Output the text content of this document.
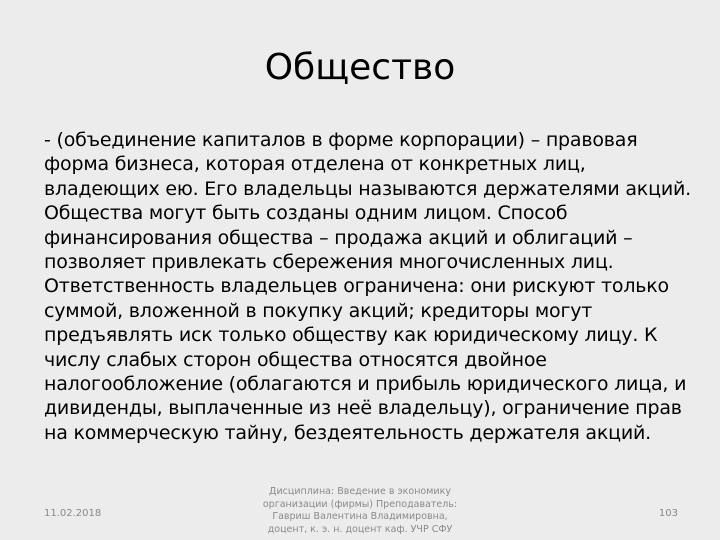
Общество
- (объединение капиталов в форме корпорации) – правовая форма бизнеса, которая отделена от конкретных лиц, владеющих ею. Его владельцы называются держателями акций. Общества могут быть созданы одним лицом. Способ финансирования общества – продажа акций и облигаций – позволяет привлекать сбережения многочисленных лиц. Ответственность владельцев ограничена: они рискуют только суммой, вложенной в покупку акций; кредиторы могут предъявлять иск только обществу как юридическому лицу. К числу слабых сторон общества относятся двойное налогообложение (облагаются и прибыль юридического лица, и дивиденды, выплаченные из неё владельцу), ограничение прав на коммерческую тайну, бездеятельность держателя акций.
11.02.2018
Дисциплина: Введение в экономику
организации (фирмы) Преподаватель:
Гавриш Валентина Владимировна,
доцент, к. э. н. доцент каф. УЧР СФУ
103
